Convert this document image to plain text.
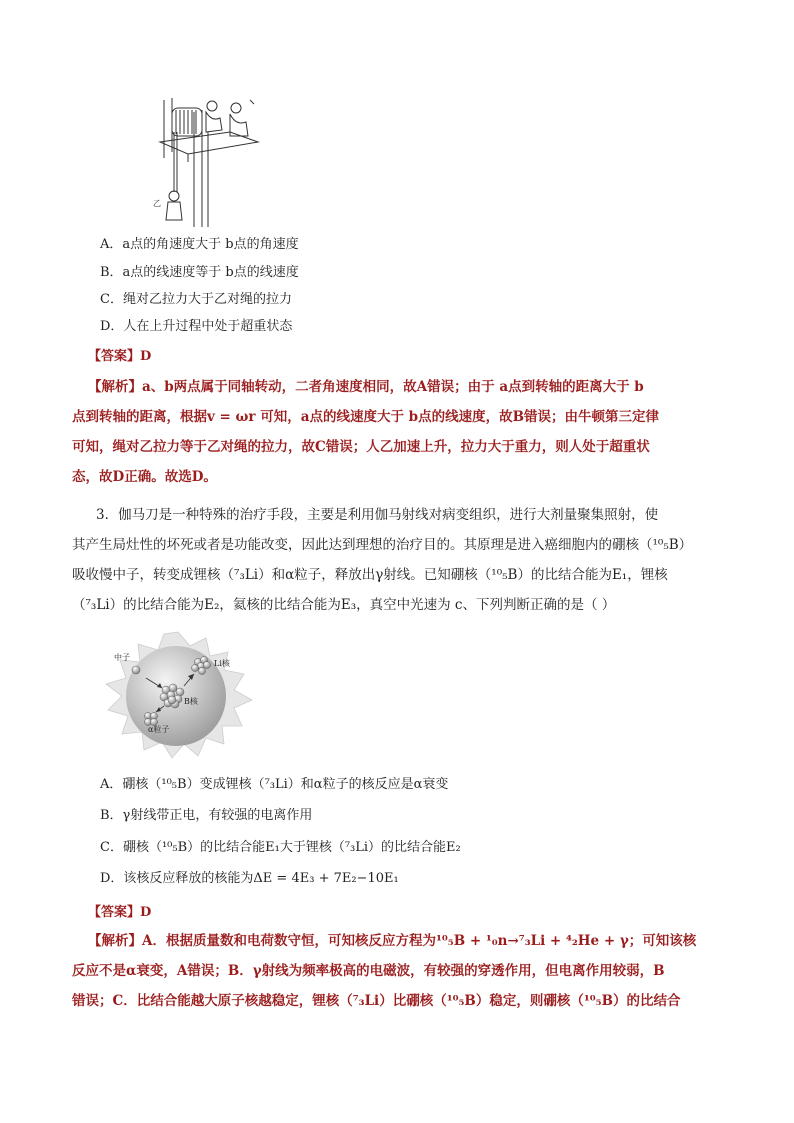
乙
A．a点的角速度大于 b点的角速度
B．a点的线速度等于 b点的线速度
C．绳对乙拉力大于乙对绳的拉力
D．人在上升过程中处于超重状态
【答案】D
【解析】a、b两点属于同轴转动，二者角速度相同，故A错误；由于 a点到转轴的距离大于 b
点到转轴的距离，根据v = ωr 可知，a点的线速度大于 b点的线速度，故B错误；由牛顿第三定律
可知，绳对乙拉力等于乙对绳的拉力，故C错误；人乙加速上升，拉力大于重力，则人处于超重状
态，故D正确。故选D。
3．伽马刀是一种特殊的治疗手段，主要是利用伽马射线对病变组织，进行大剂量聚集照射，使
其产生局灶性的坏死或者是功能改变，因此达到理想的治疗目的。其原理是进入癌细胞内的硼核（¹⁰₅B）
吸收慢中子，转变成锂核（⁷₃Li）和α粒子，释放出γ射线。已知硼核（¹⁰₅B）的比结合能为E₁，锂核
（⁷₃Li）的比结合能为E₂，氦核的比结合能为E₃，真空中光速为 c、下列判断正确的是（ ）
中子
Li核
B核
α粒子
A．硼核（¹⁰₅B）变成锂核（⁷₃Li）和α粒子的核反应是α衰变
B．γ射线带正电，有较强的电离作用
C．硼核（¹⁰₅B）的比结合能E₁大于锂核（⁷₃Li）的比结合能E₂
D．该核反应释放的核能为ΔE = 4E₃ + 7E₂−10E₁
【答案】D
【解析】A．根据质量数和电荷数守恒，可知核反应方程为¹⁰₅B + ¹₀n→⁷₃Li + ⁴₂He + γ；可知该核
反应不是α衰变，A错误；B．γ射线为频率极高的电磁波，有较强的穿透作用，但电离作用较弱，B
错误；C．比结合能越大原子核越稳定，锂核（⁷₃Li）比硼核（¹⁰₅B）稳定，则硼核（¹⁰₅B）的比结合
